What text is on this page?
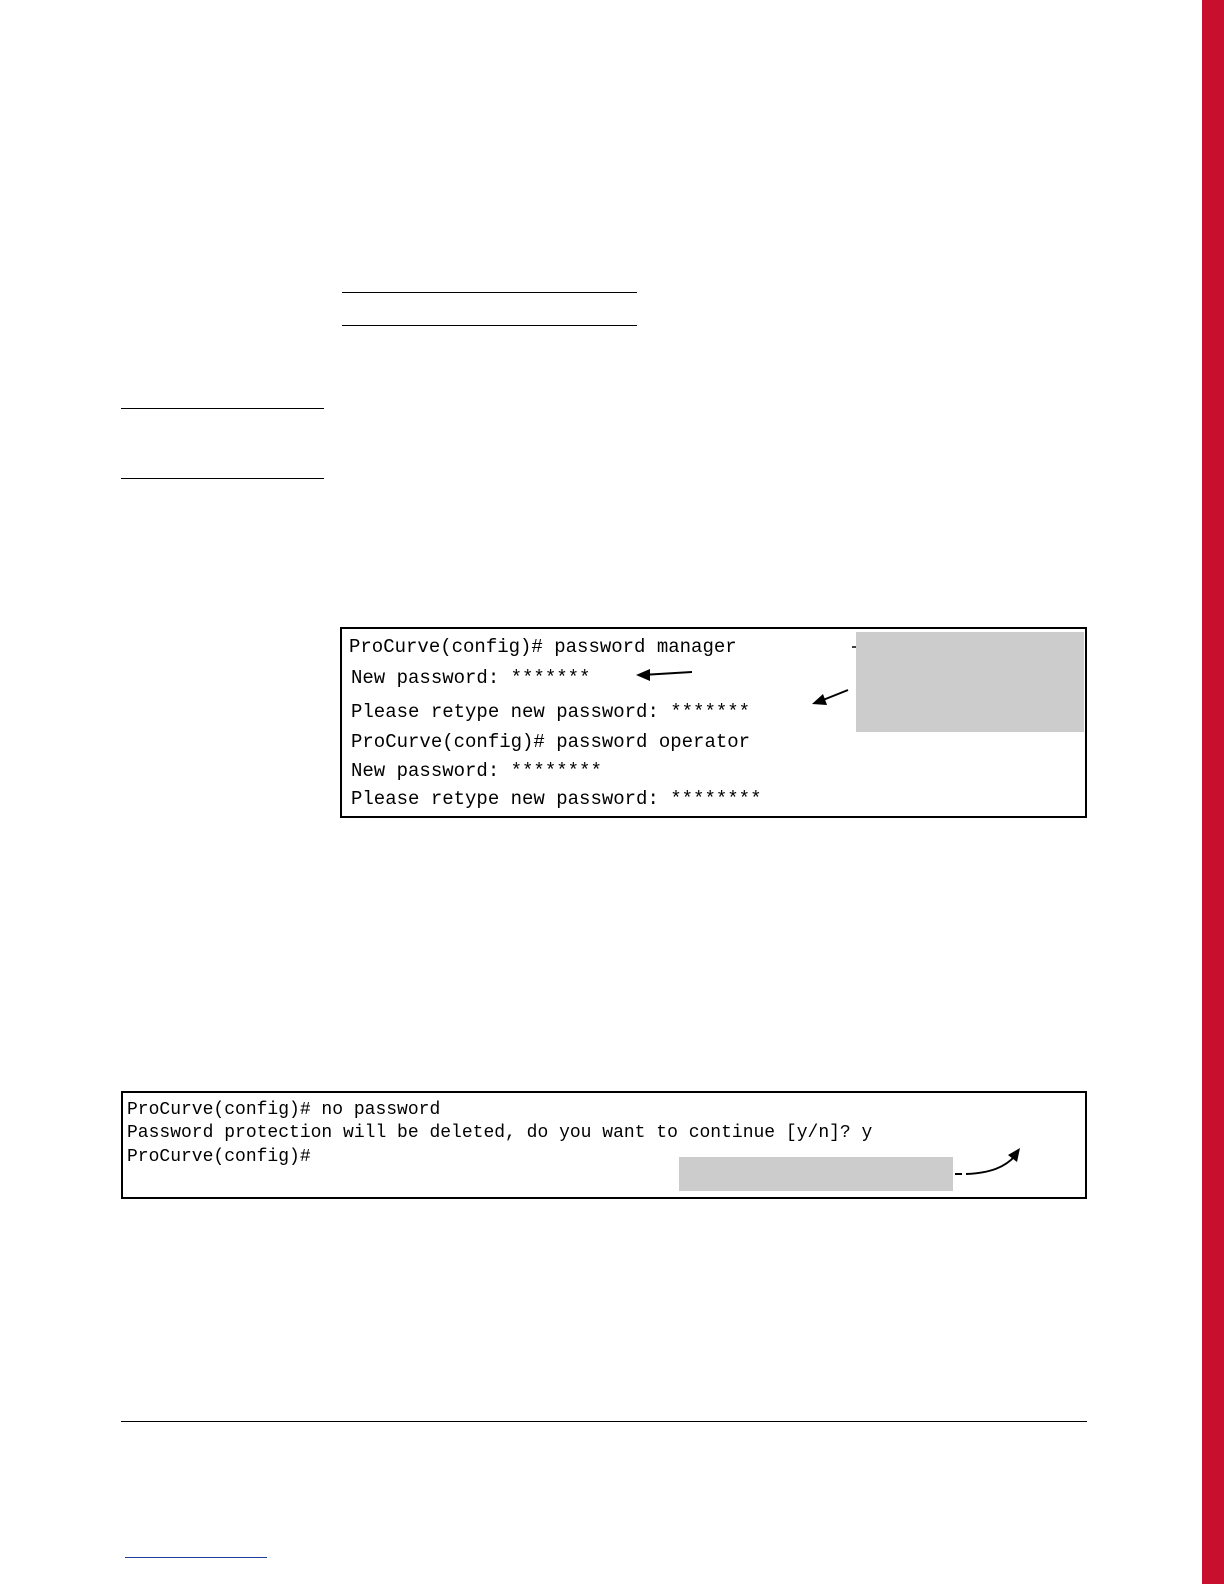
ProCurve(config)# password manager
New password: *******
Please retype new password: *******
ProCurve(config)# password operator
New password: ********
Please retype new password: ********
ProCurve(config)# no password
Password protection will be deleted, do you want to continue [y/n]? y
ProCurve(config)#
